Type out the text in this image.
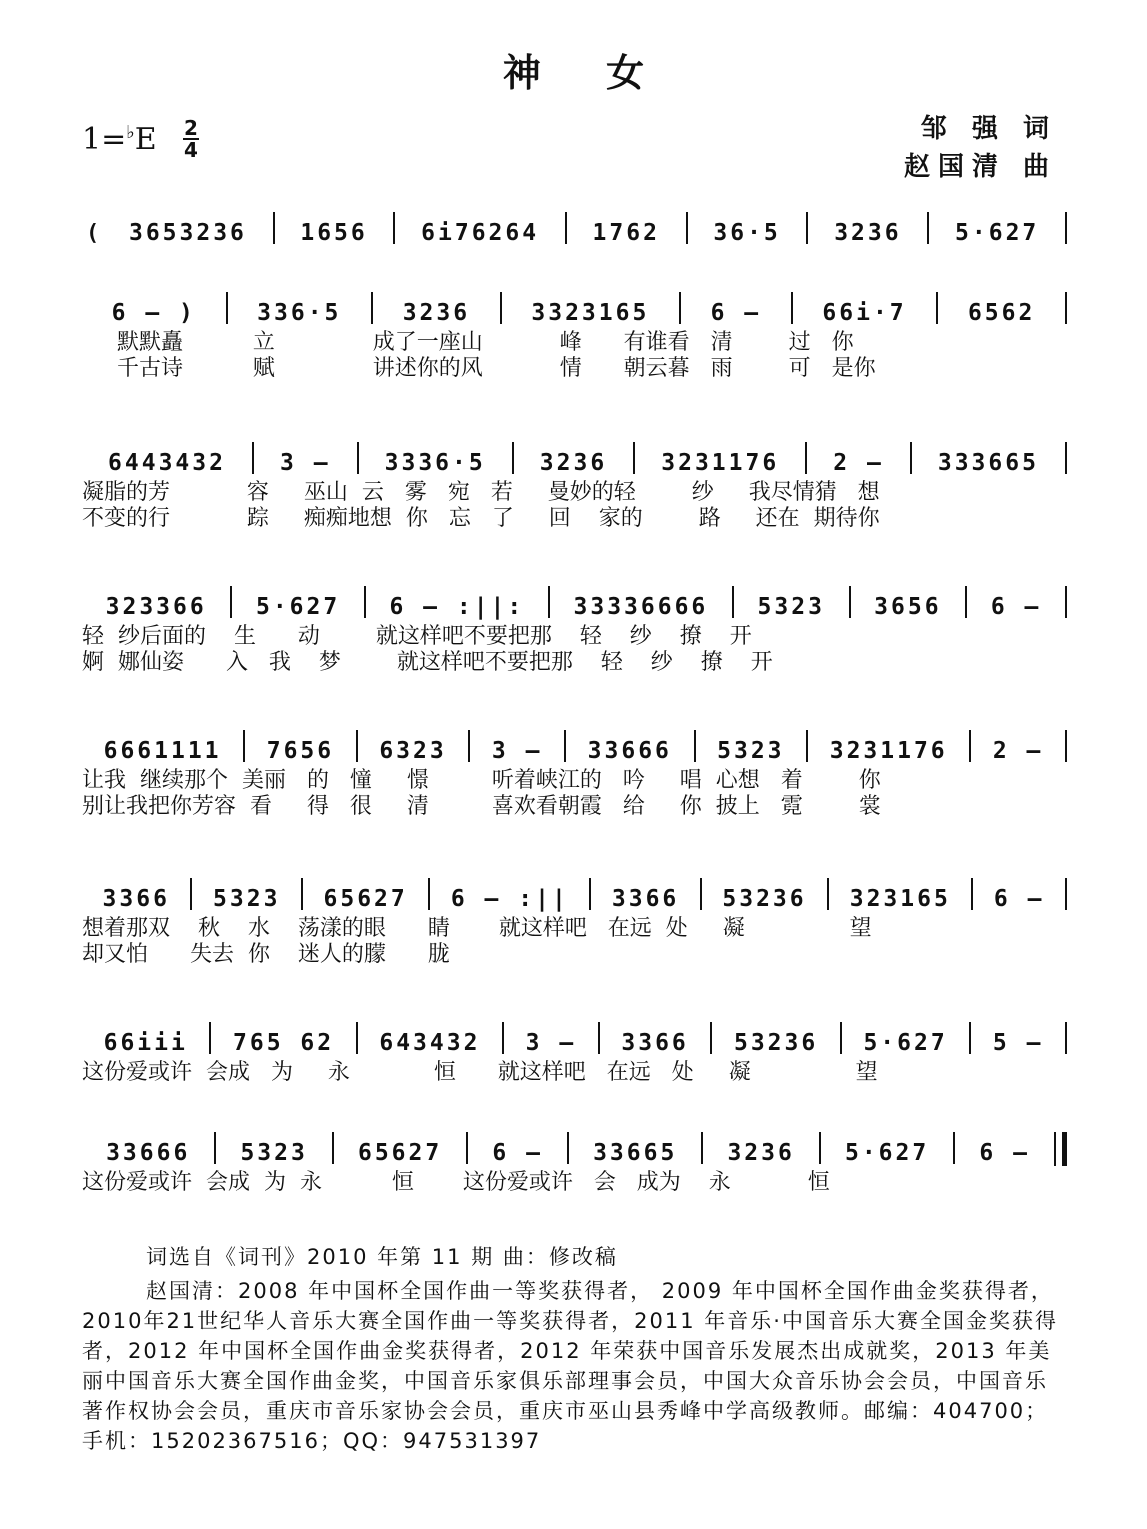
神 女
1=♭E 2
4
邹 强 词
赵国清 曲
(	3653236	1656	6i76264	1762	36·5	3236	5·627
6 – )	336·5	3236	3323165	6 –	66i·7	6562
默默矗          立              成了一座山           峰      有谁看   清        过   你
千古诗          赋              讲述你的风           情      朝云暮   雨        可   是你
6443432	3 –	3336·5	3236	3231176	2 –	333665
凝脂的芳           容     巫山  云   雾   宛   若     曼妙的轻        纱     我尽情猜   想
不变的行           踪     痴痴地想  你   忘   了     回    家的        路     还在  期待你
323366	5·627	6 – :||:	33336666	5323	3656	6 –
轻  纱后面的    生      动        就这样吧不要把那    轻    纱    撩    开
婀  娜仙姿      入   我    梦        就这样吧不要把那    轻    纱    撩    开
6661111	7656	6323	3 –	33666	5323	3231176	2 –
让我  继续那个  美丽   的   憧     憬         听着峡江的   吟     唱  心想   着        你
别让我把你芳容  看     得   很     清         喜欢看朝霞   给     你  披上   霓        裳
3366	5323	65627	6 – :||	3366	53236	323165	6 –
想着那双    秋    水    荡漾的眼      睛       就这样吧   在远  处     凝               望
却又怕      失去  你    迷人的朦      胧
66iii	765 62	643432	3 –	3366	53236	5·627	5 –
这份爱或许  会成   为     永            恒      就这样吧   在远   处     凝               望
33666	5323	65627	6 –	33665	3236	5·627	6 –
这份爱或许  会成  为  永          恒       这份爱或许   会   成为    永           恒
词选自《词刊》2010 年第 11 期 曲：修改稿
赵国清：2008 年中国杯全国作曲一等奖获得者， 2009 年中国杯全国作曲金奖获得者，2010年21世纪华人音乐大赛全国作曲一等奖获得者，2011 年音乐·中国音乐大赛全国金奖获得者，2012 年中国杯全国作曲金奖获得者，2012 年荣获中国音乐发展杰出成就奖，2013 年美丽中国音乐大赛全国作曲金奖，中国音乐家俱乐部理事会员，中国大众音乐协会会员，中国音乐著作权协会会员，重庆市音乐家协会会员，重庆市巫山县秀峰中学高级教师。邮编：404700；手机：15202367516；QQ：947531397
